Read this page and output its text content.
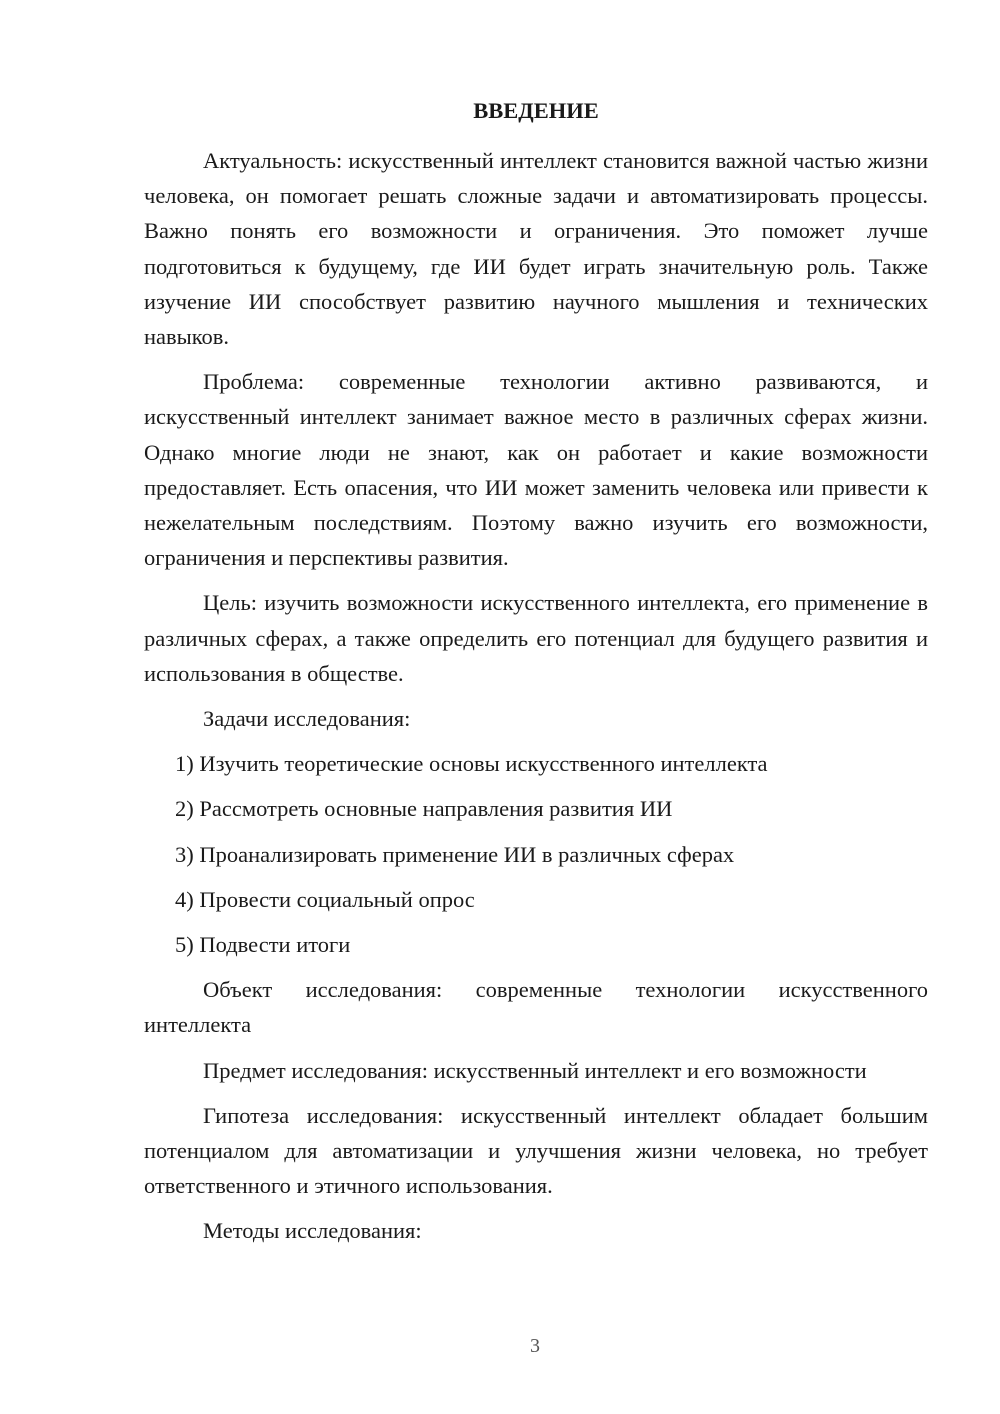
ВВЕДЕНИЕ

Актуальность: искусственный интеллект становится важной частью жизни человека, он помогает решать сложные задачи и автоматизировать процессы. Важно понять его возможности и ограничения. Это поможет лучше подготовиться к будущему, где ИИ будет играть значительную роль. Также изучение ИИ способствует развитию научного мышления и технических навыков.

Проблема: современные технологии активно развиваются, и искусственный интеллект занимает важное место в различных сферах жизни. Однако многие люди не знают, как он работает и какие возможности предоставляет. Есть опасения, что ИИ может заменить человека или привести к нежелательным последствиям. Поэтому важно изучить его возможности, ограничения и перспективы развития.

Цель: изучить возможности искусственного интеллекта, его применение в различных сферах, а также определить его потенциал для будущего развития и использования в обществе.

Задачи исследования:

1) Изучить теоретические основы искусственного интеллекта

2) Рассмотреть основные направления развития ИИ

3) Проанализировать применение ИИ в различных сферах

4) Провести социальный опрос

5) Подвести итоги

Объект исследования: современные технологии искусственного интеллекта

Предмет исследования: искусственный интеллект и его возможности

Гипотеза исследования: искусственный интеллект обладает большим потенциалом для автоматизации и улучшения жизни человека, но требует ответственного и этичного использования.

Методы исследования:

3
